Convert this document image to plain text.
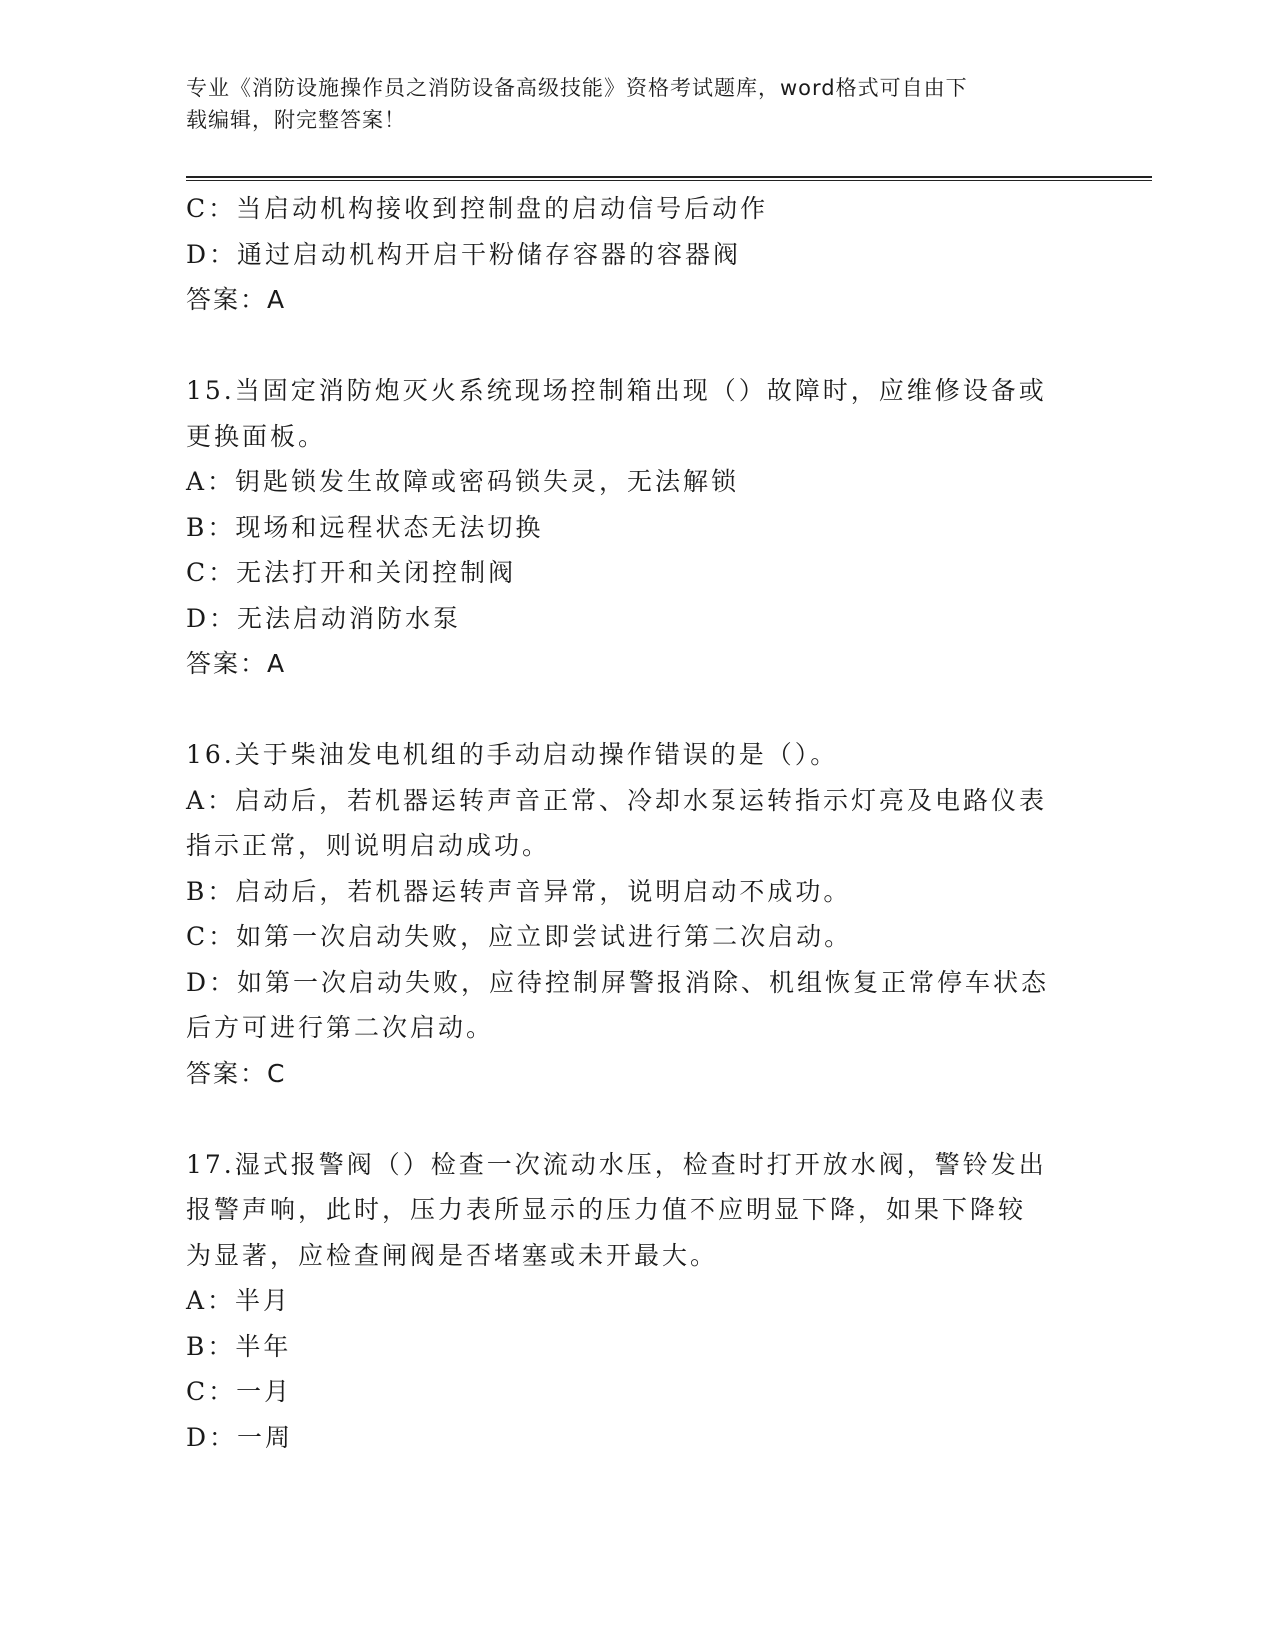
专业《消防设施操作员之消防设备高级技能》资格考试题库，word格式可自由下
载编辑，附完整答案！
C：当启动机构接收到控制盘的启动信号后动作
D：通过启动机构开启干粉储存容器的容器阀
答案：A
15.当固定消防炮灭火系统现场控制箱出现（）故障时，应维修设备或
更换面板。
A：钥匙锁发生故障或密码锁失灵，无法解锁
B：现场和远程状态无法切换
C：无法打开和关闭控制阀
D：无法启动消防水泵
答案：A
16.关于柴油发电机组的手动启动操作错误的是（）。
A：启动后，若机器运转声音正常、冷却水泵运转指示灯亮及电路仪表
指示正常，则说明启动成功。
B：启动后，若机器运转声音异常，说明启动不成功。
C：如第一次启动失败，应立即尝试进行第二次启动。
D：如第一次启动失败，应待控制屏警报消除、机组恢复正常停车状态
后方可进行第二次启动。
答案：C
17.湿式报警阀（）检查一次流动水压，检查时打开放水阀，警铃发出
报警声响，此时，压力表所显示的压力值不应明显下降，如果下降较
为显著，应检查闸阀是否堵塞或未开最大。
A：半月
B：半年
C：一月
D：一周
